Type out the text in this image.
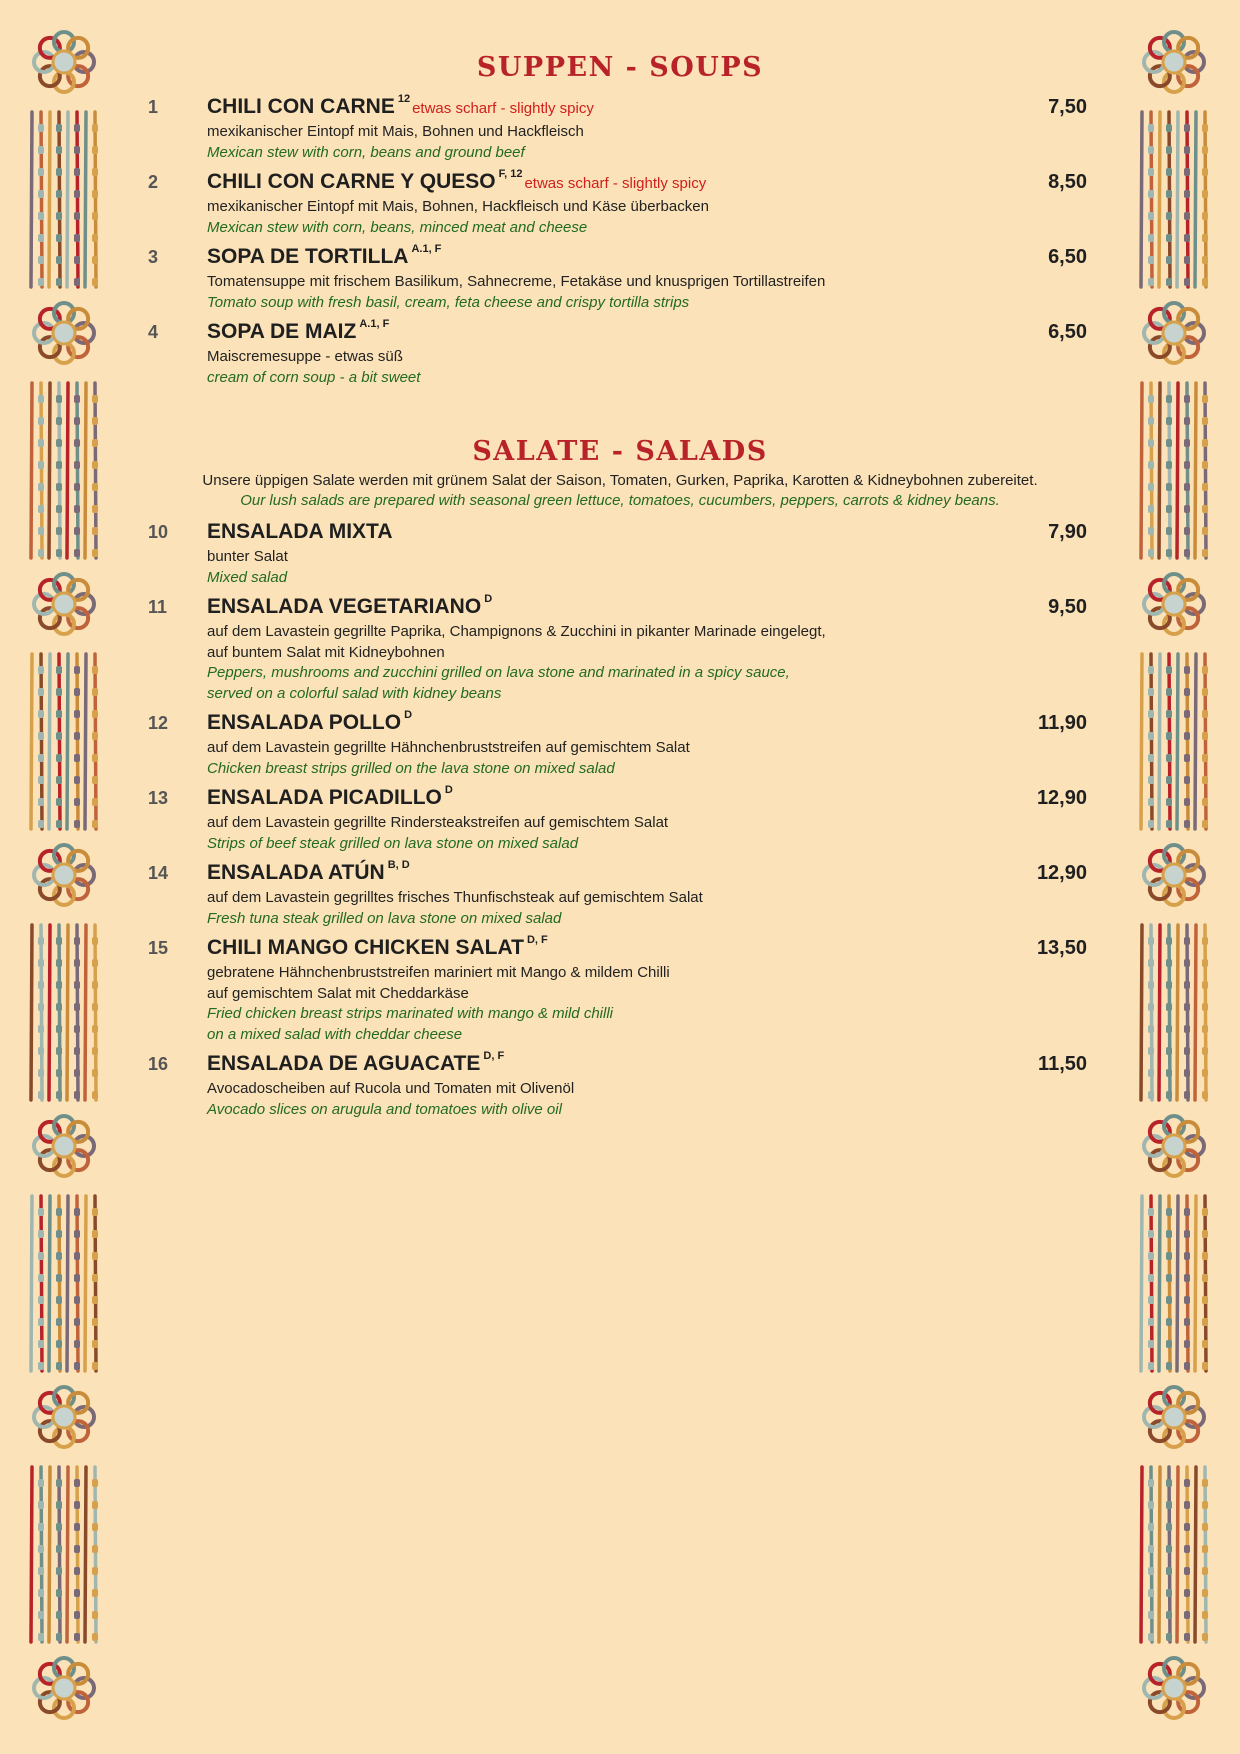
SUPPEN - SOUPS
1 CHILI CON CARNE $^{12}$etwas scharf - slightly spicy	7,50
mexikanischer Eintopf mit Mais, Bohnen und Hackfleisch
Mexican stew with corn, beans and ground beef
2 CHILI CON CARNE Y QUESO $^{F, 12}$etwas scharf - slightly spicy	8,50
mexikanischer Eintopf mit Mais, Bohnen, Hackfleisch und Käse überbacken
Mexican stew with corn, beans, minced meat and cheese
3 SOPA DE TORTILLA $^{A.1, F}$	6,50
Tomatensuppe mit frischem Basilikum, Sahnecreme, Fetakäse und knusprigen Tortillastreifen
Tomato soup with fresh basil, cream, feta cheese and crispy tortilla strips
4 SOPA DE MAIZ $^{A.1, F}$	6,50
Maiscremesuppe - etwas süß
cream of corn soup - a bit sweet
SALATE - SALADS
Unsere üppigen Salate werden mit grünem Salat der Saison, Tomaten, Gurken, Paprika, Karotten & Kidneybohnen zubereitet.
Our lush salads are prepared with seasonal green lettuce, tomatoes, cucumbers, peppers, carrots & kidney beans.
10 ENSALADA MIXTA	7,90
bunter Salat
Mixed salad
11 ENSALADA VEGETARIANO $^D$	9,50
auf dem Lavastein gegrillte Paprika, Champignons & Zucchini in pikanter Marinade eingelegt,
auf buntem Salat mit Kidneybohnen
Peppers, mushrooms and zucchini grilled on lava stone and marinated in a spicy sauce,
served on a colorful salad with kidney beans
12 ENSALADA POLLO $^D$	11,90
auf dem Lavastein gegrillte Hähnchenbruststreifen auf gemischtem Salat
Chicken breast strips grilled on the lava stone on mixed salad
13 ENSALADA PICADILLO $^D$	12,90
auf dem Lavastein gegrillte Rindersteakstreifen auf gemischtem Salat
Strips of beef steak grilled on lava stone on mixed salad
14 ENSALADA ATÚN $^{B, D}$	12,90
auf dem Lavastein gegrilltes frisches Thunfischsteak auf gemischtem Salat
Fresh tuna steak grilled on lava stone on mixed salad
15 CHILI MANGO CHICKEN SALAT $^{D, F}$	13,50
gebratene Hähnchenbruststreifen mariniert mit Mango & mildem Chilli
auf gemischtem Salat mit Cheddarkäse
Fried chicken breast strips marinated with mango & mild chilli
on a mixed salad with cheddar cheese
16 ENSALADA DE AGUACATE $^{D, F}$	11,50
Avocadoscheiben auf Rucola und Tomaten mit Olivenöl
Avocado slices on arugula and tomatoes with olive oil
